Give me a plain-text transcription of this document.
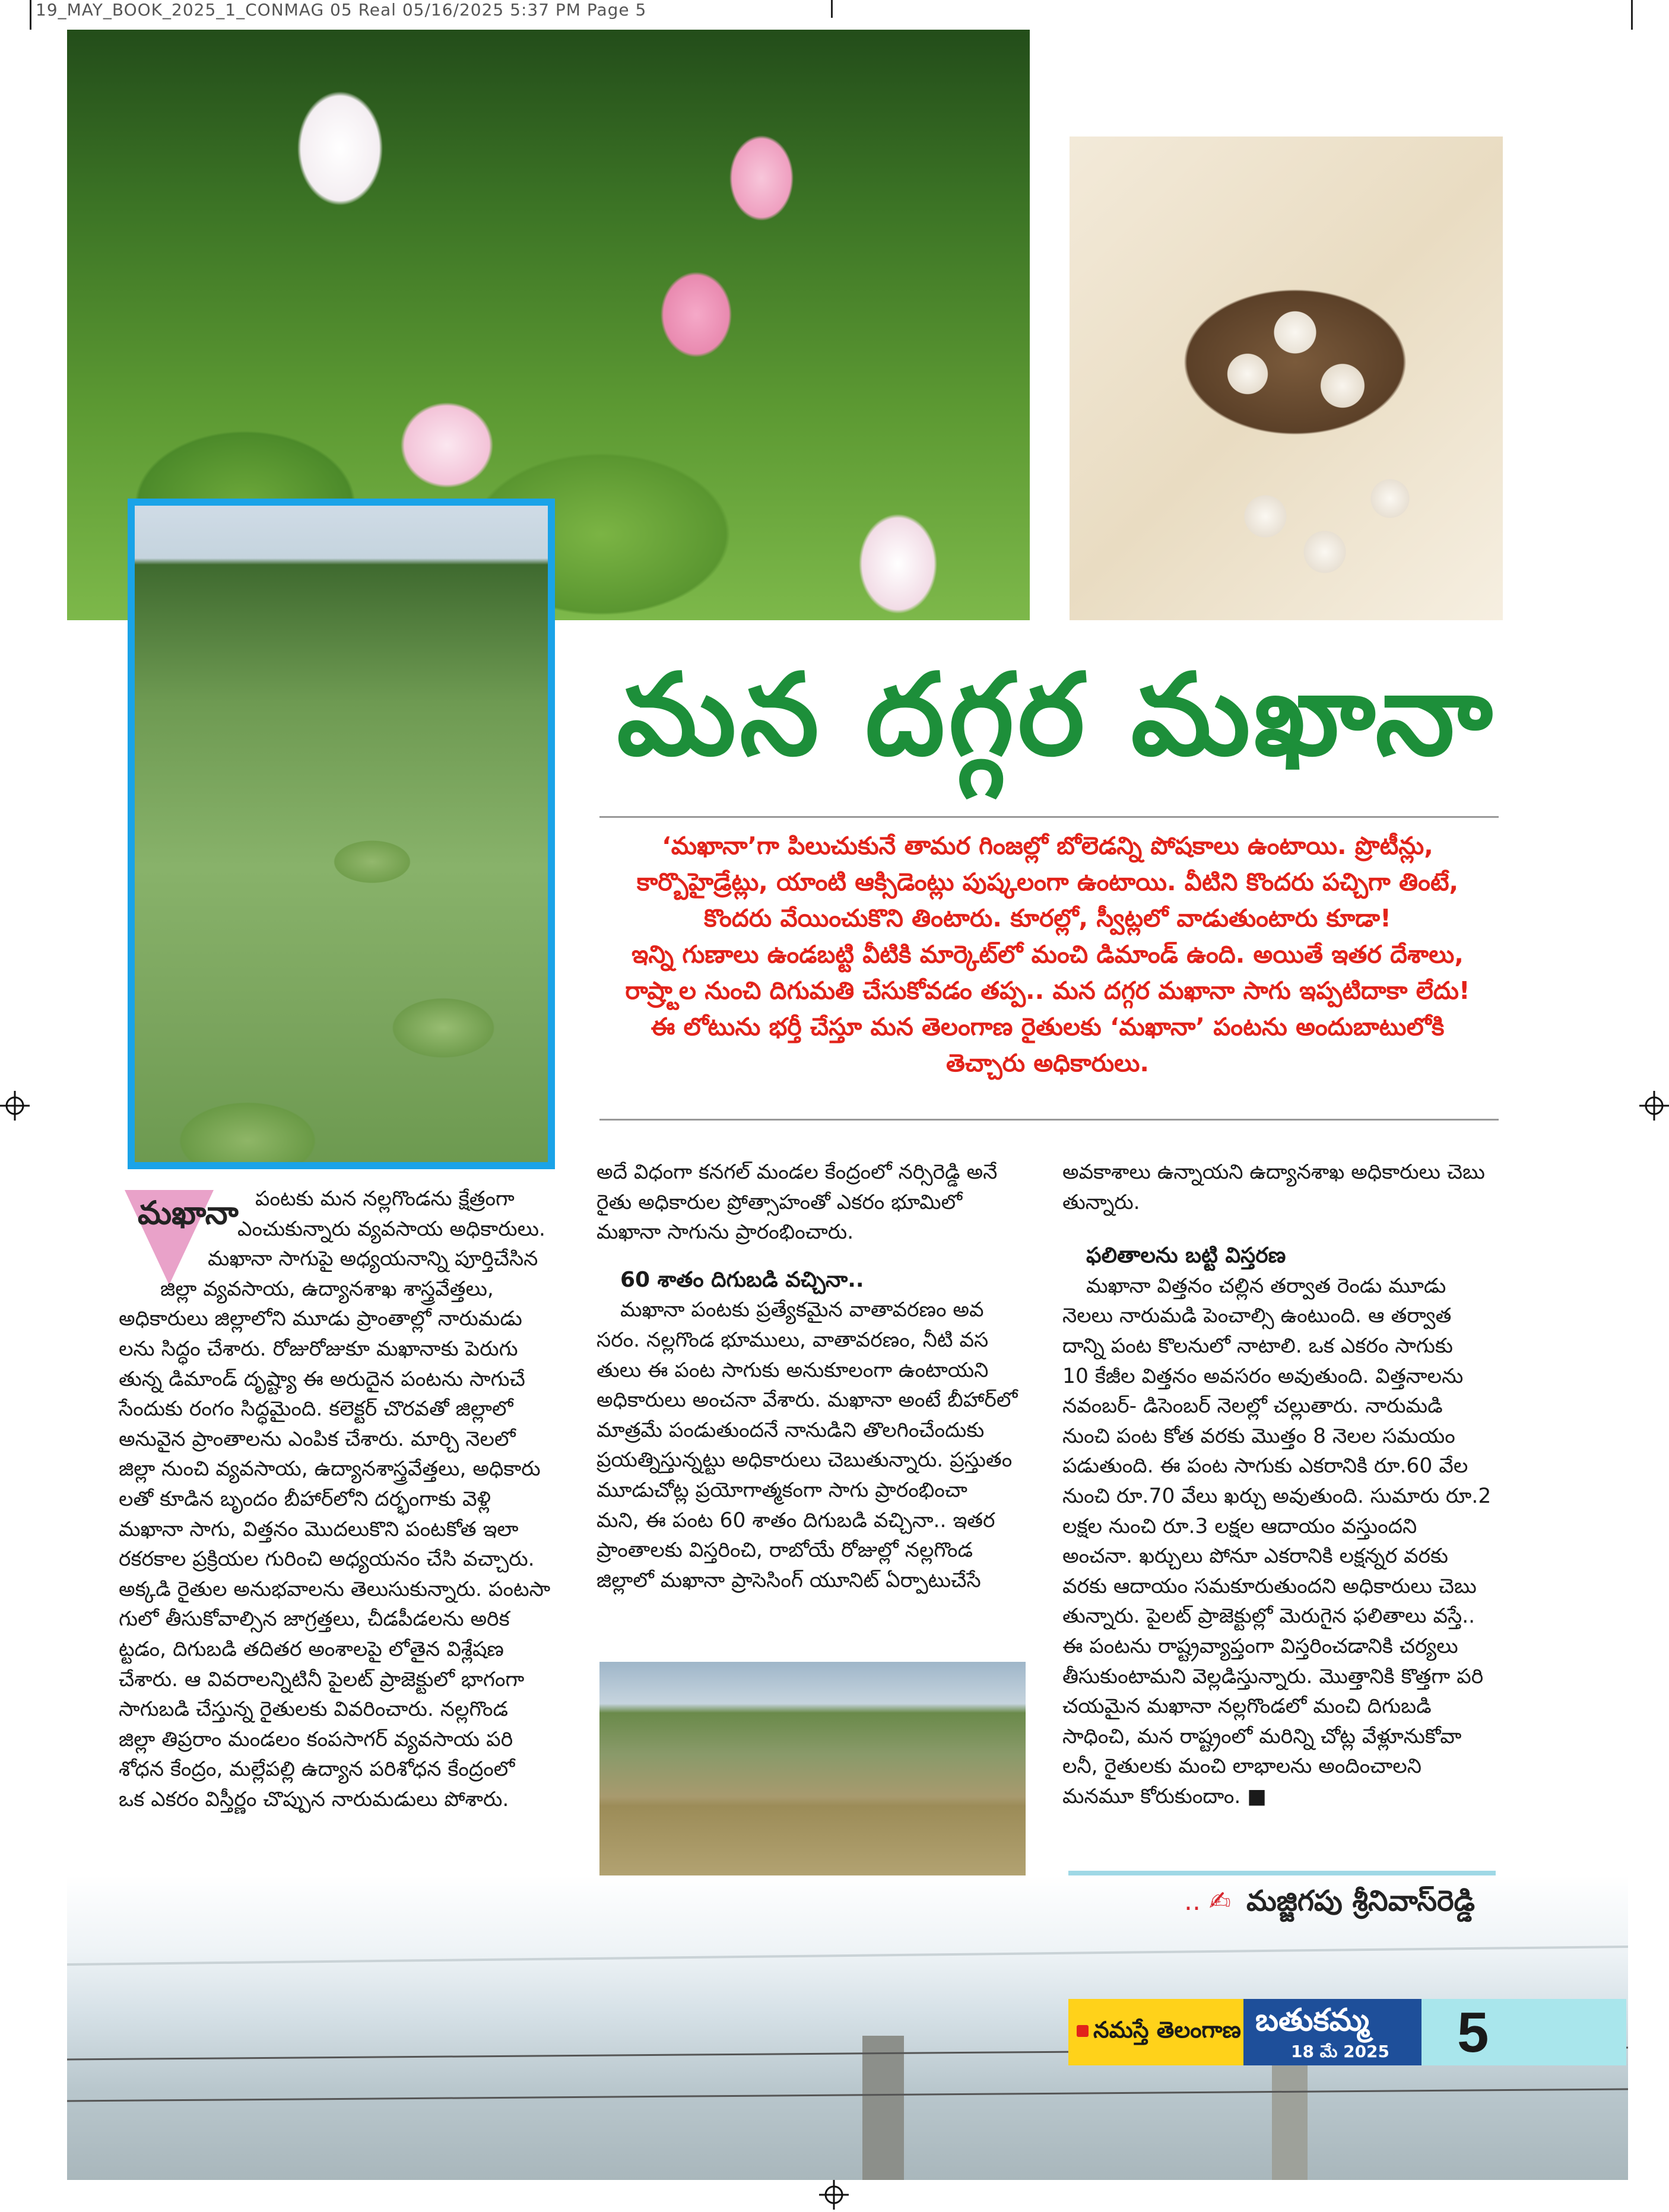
19_MAY_BOOK_2025_1_CONMAG 05 Real 05/16/2025 5:37 PM Page 5
మన దగ్గర మఖానా
‘మఖానా’గా పిలుచుకునే తామర గింజల్లో బోలెడన్ని పోషకాలు ఉంటాయి. ప్రొటీన్లు,
కార్బొహైడ్రేట్లు, యాంటి ఆక్సిడెంట్లు పుష్కలంగా ఉంటాయి. వీటిని కొందరు పచ్చిగా తింటే,
కొందరు వేయించుకొని తింటారు. కూరల్లో, స్వీట్లలో వాడుతుంటారు కూడా!
ఇన్ని గుణాలు ఉండబట్టి వీటికి మార్కెట్‌లో మంచి డిమాండ్ ఉంది. అయితే ఇతర దేశాలు,
రాష్ర్టాల నుంచి దిగుమతి చేసుకోవడం తప్ప.. మన దగ్గర మఖానా సాగు ఇప్పటిదాకా లేదు!
ఈ లోటును భర్తీ చేస్తూ మన తెలంగాణ రైతులకు ‘మఖానా’ పంటను అందుబాటులోకి
తెచ్చారు అధికారులు.
మఖానా పంటకు మన నల్లగొండను క్షేత్రంగా

ఎంచుకున్నారు వ్యవసాయ అధికారులు.

మఖానా సాగుపై అధ్యయనాన్ని పూర్తిచేసిన

జిల్లా వ్యవసాయ, ఉద్యానశాఖ శాస్త్రవేత్తలు,

అధికారులు జిల్లాలోని మూడు ప్రాంతాల్లో నారుమడు

లను సిద్ధం చేశారు. రోజురోజుకూ మఖానాకు పెరుగు

తున్న డిమాండ్ దృష్ట్యా ఈ అరుదైన పంటను సాగుచే

సేందుకు రంగం సిద్ధమైంది. కలెక్టర్ చొరవతో జిల్లాలో

అనువైన ప్రాంతాలను ఎంపిక చేశారు. మార్చి నెలలో

జిల్లా నుంచి వ్యవసాయ, ఉద్యానశాస్త్రవేత్తలు, అధికారు

లతో కూడిన బృందం బీహార్‌లోని దర్భంగాకు వెళ్లి

మఖానా సాగు, విత్తనం మొదలుకొని పంటకోత ఇలా

రకరకాల ప్రక్రియల గురించి అధ్యయనం చేసి వచ్చారు.

అక్కడి రైతుల అనుభవాలను తెలుసుకున్నారు. పంటసా

గులో తీసుకోవాల్సిన జాగ్రత్తలు, చీడపీడలను అరిక

ట్టడం, దిగుబడి తదితర అంశాలపై లోతైన విశ్లేషణ

చేశారు. ఆ వివరాలన్నిటినీ పైలట్ ప్రాజెక్టులో భాగంగా

సాగుబడి చేస్తున్న రైతులకు వివరించారు. నల్లగొండ

జిల్లా తిప్రరాం మండలం కంపసాగర్ వ్యవసాయ పరి

శోధన కేంద్రం, మల్లేపల్లి ఉద్యాన పరిశోధన కేంద్రంలో

ఒక ఎకరం విస్తీర్ణం చొప్పున నారుమడులు పోశారు.

అదే విధంగా కనగల్ మండల కేంద్రంలో నర్సిరెడ్డి అనే

రైతు అధికారుల ప్రోత్సాహంతో ఎకరం భూమిలో

మఖానా సాగును ప్రారంభించారు.

60 శాతం దిగుబడి వచ్చినా..

మఖానా పంటకు ప్రత్యేకమైన వాతావరణం అవ

సరం. నల్లగొండ భూములు, వాతావరణం, నీటి వస

తులు ఈ పంట సాగుకు అనుకూలంగా ఉంటాయని

అధికారులు అంచనా వేశారు. మఖానా అంటే బీహార్‌లో

మాత్రమే పండుతుందనే నానుడిని తొలగించేందుకు

ప్రయత్నిస్తున్నట్టు అధికారులు చెబుతున్నారు. ప్రస్తుతం

మూడుచోట్ల ప్రయోగాత్మకంగా సాగు ప్రారంభించా

మని, ఈ పంట 60 శాతం దిగుబడి వచ్చినా.. ఇతర

ప్రాంతాలకు విస్తరించి, రాబోయే రోజుల్లో నల్లగొండ

జిల్లాలో మఖానా ప్రాసెసింగ్ యూనిట్ ఏర్పాటుచేసే

అవకాశాలు ఉన్నాయని ఉద్యానశాఖ అధికారులు చెబు

తున్నారు.

ఫలితాలను బట్టి విస్తరణ

మఖానా విత్తనం చల్లిన తర్వాత రెండు మూడు

నెలలు నారుమడి పెంచాల్సి ఉంటుంది. ఆ తర్వాత

దాన్ని పంట కొలనులో నాటాలి. ఒక ఎకరం సాగుకు

10 కేజీల విత్తనం అవసరం అవుతుంది. విత్తనాలను

నవంబర్- డిసెంబర్ నెలల్లో చల్లుతారు. నారుమడి

నుంచి పంట కోత వరకు మొత్తం 8 నెలల సమయం

పడుతుంది. ఈ పంట సాగుకు ఎకరానికి రూ.60 వేల

నుంచి రూ.70 వేలు ఖర్చు అవుతుంది. సుమారు రూ.2

లక్షల నుంచి రూ.3 లక్షల ఆదాయం వస్తుందని

అంచనా. ఖర్చులు పోనూ ఎకరానికి లక్షన్నర వరకు

వరకు ఆదాయం సమకూరుతుందని అధికారులు చెబు

తున్నారు. పైలట్ ప్రాజెక్టుల్లో మెరుగైన ఫలితాలు వస్తే..

ఈ పంటను రాష్ట్రవ్యాప్తంగా విస్తరించడానికి చర్యలు

తీసుకుంటామని వెల్లడిస్తున్నారు. మొత్తానికి కొత్తగా పరి

చయమైన మఖానా నల్లగొండలో మంచి దిగుబడి

సాధించి, మన రాష్ట్రంలో మరిన్ని చోట్ల వేళ్లూనుకోవా

లనీ, రైతులకు మంచి లాభాలను అందించాలని

మనమూ కోరుకుందాం. ■

.. ✍ మజ్జిగపు శ్రీనివాస్‌రెడ్డి
నమస్తే తెలంగాణ బతుకమ్మ
18 మే 2025 5
